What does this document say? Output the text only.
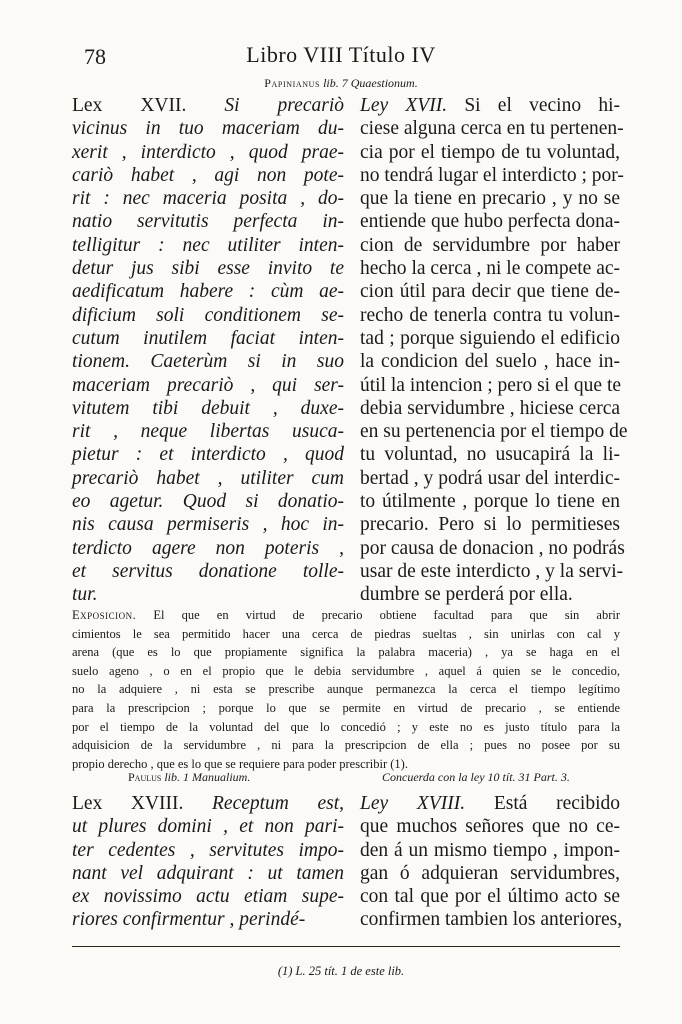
78	Libro VIII Título IV
Papinianus lib. 7 Quaestionum.
Lex XVII. Si precariò
vicinus in tuo maceriam du-
xerit , interdicto , quod prae-
cariò habet , agi non pote-
rit : nec maceria posita , do-
natio servitutis perfecta in-
telligitur : nec utiliter inten-
detur jus sibi esse invito te
aedificatum habere : cùm ae-
dificium soli conditionem se-
cutum inutilem faciat inten-
tionem. Caeterùm si in suo
maceriam precariò , qui ser-
vitutem tibi debuit , duxe-
rit , neque libertas usuca-
pietur : et interdicto , quod
precariò habet , utiliter cum
eo agetur. Quod si donatio-
nis causa permiseris , hoc in-
terdicto agere non poteris ,
et servitus donatione tolle-
tur.
Ley XVII. Si el vecino hi-
ciese alguna cerca en tu pertenen-
cia por el tiempo de tu voluntad,
no tendrá lugar el interdicto ; por-
que la tiene en precario , y no se
entiende que hubo perfecta dona-
cion de servidumbre por haber
hecho la cerca , ni le compete ac-
cion útil para decir que tiene de-
recho de tenerla contra tu volun-
tad ; porque siguiendo el edificio
la condicion del suelo , hace in-
útil la intencion ; pero si el que te
debia servidumbre , hiciese cerca
en su pertenencia por el tiempo de
tu voluntad, no usucapirá la li-
bertad , y podrá usar del interdic-
to útilmente , porque lo tiene en
precario. Pero si lo permitieses
por causa de donacion , no podrás
usar de este interdicto , y la servi-
dumbre se perderá por ella.
Exposicion. El que en virtud de precario obtiene facultad para que sin abrir
cimientos le sea permitido hacer una cerca de piedras sueltas , sin unirlas con cal y
arena (que es lo que propiamente significa la palabra maceria) , ya se haga en el
suelo ageno , o en el propio que le debia servidumbre , aquel á quien se le concedio,
no la adquiere , ni esta se prescribe aunque permanezca la cerca el tiempo legítimo
para la prescripcion ; porque lo que se permite en virtud de precario , se entiende
por el tiempo de la voluntad del que lo concedió ; y este no es justo título para la
adquisicion de la servidumbre , ni para la prescripcion de ella ; pues no posee por su
propio derecho , que es lo que se requiere para poder prescribir (1).
Paulus lib. 1 Manualium.	Concuerda con la ley 10 tít. 31 Part. 3.
Lex XVIII. Receptum est,
ut plures domini , et non pari-
ter cedentes , servitutes impo-
nant vel adquirant : ut tamen
ex novissimo actu etiam supe-
riores confirmentur , perindé-
Ley XVIII. Está recibido
que muchos señores que no ce-
den á un mismo tiempo , impon-
gan ó adquieran servidumbres,
con tal que por el último acto se
confirmen tambien los anteriores,
(1) L. 25 tít. 1 de este lib.
